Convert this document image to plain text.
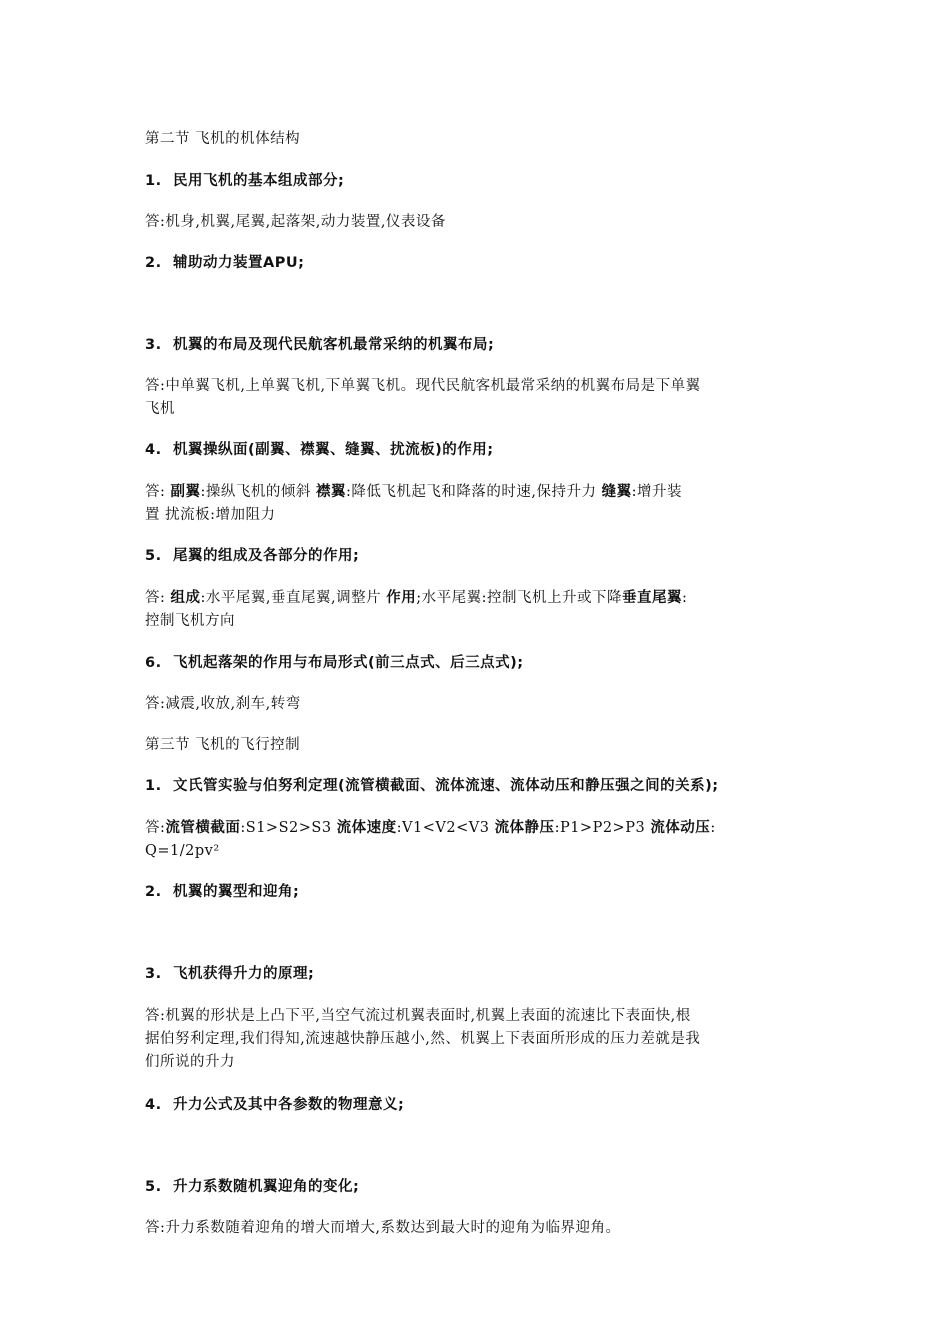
第二节 飞机的机体结构
1. 民用飞机的基本组成部分;
答:机身,机翼,尾翼,起落架,动力装置,仪表设备
2. 辅助动力装置APU;
3. 机翼的布局及现代民航客机最常采纳的机翼布局;
答:中单翼飞机,上单翼飞机,下单翼飞机。现代民航客机最常采纳的机翼布局是下单翼
飞机
4. 机翼操纵面(副翼、襟翼、缝翼、扰流板)的作用;
答: 副翼:操纵飞机的倾斜 襟翼:降低飞机起飞和降落的时速,保持升力 缝翼:增升装
置 扰流板:增加阻力
5. 尾翼的组成及各部分的作用;
答: 组成:水平尾翼,垂直尾翼,调整片 作用;水平尾翼:控制飞机上升或下降垂直尾翼:
控制飞机方向
6. 飞机起落架的作用与布局形式(前三点式、后三点式);
答:减震,收放,刹车,转弯
第三节 飞机的飞行控制
1. 文氏管实验与伯努利定理(流管横截面、流体流速、流体动压和静压强之间的关系);
答:流管横截面:S1>S2>S3 流体速度:V1<V2<V3 流体静压:P1>P2>P3 流体动压:
Q=1/2pv²
2. 机翼的翼型和迎角;
3. 飞机获得升力的原理;
答:机翼的形状是上凸下平,当空气流过机翼表面时,机翼上表面的流速比下表面快,根
据伯努利定理,我们得知,流速越快静压越小,然、机翼上下表面所形成的压力差就是我
们所说的升力
4. 升力公式及其中各参数的物理意义;
5. 升力系数随机翼迎角的变化;
答:升力系数随着迎角的增大而增大,系数达到最大时的迎角为临界迎角。
